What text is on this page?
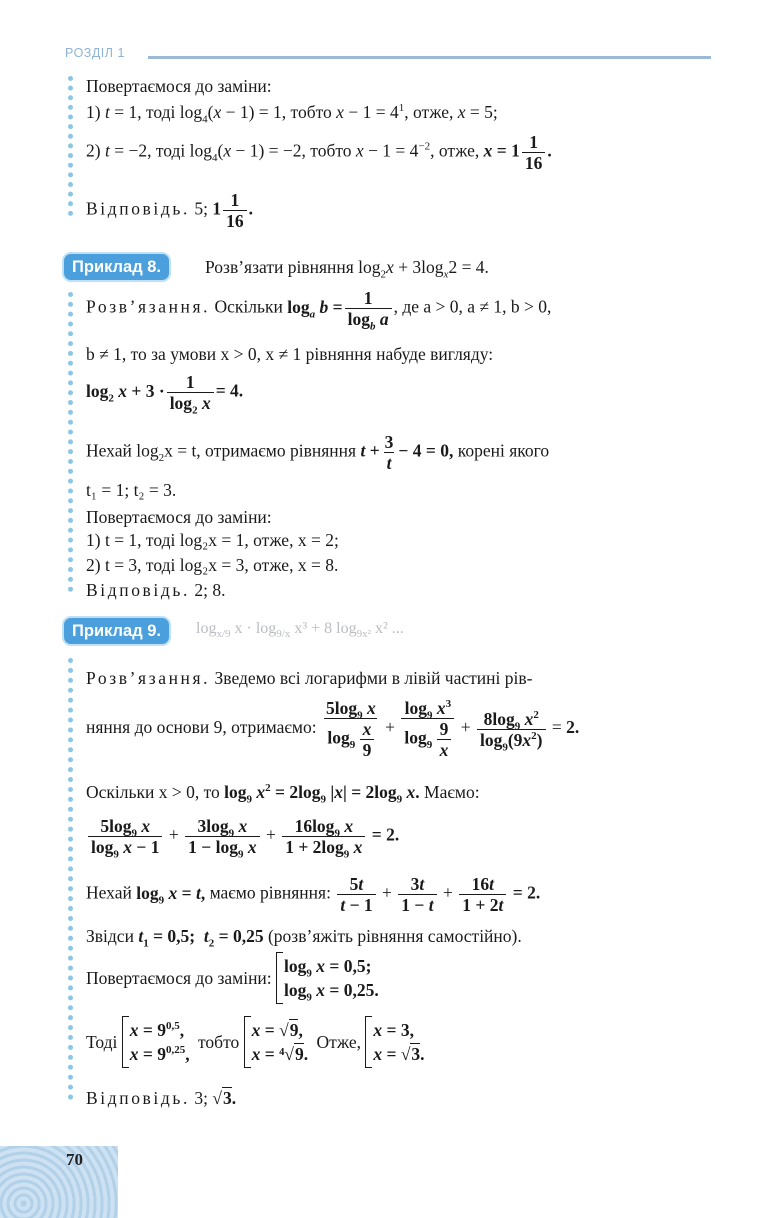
РОЗДІЛ 1
Повертаємося до заміни:
1) t = 1, тоді $\log_4(x - 1) = 1$, тобто $x - 1 = 4^1$, отже, x = 5;
2) t = −2, тоді $\log_4(x - 1) = -2$, тобто $x - 1 = 4^{-2}$, отже, $x = 1 \frac{1}{16}$ .
Відповідь. 5; $1 \frac{1}{16}$ .
Приклад 8.	Розв’язати рівняння $\log_2x + 3\log_x2 = 4$.
Розв’язання. Оскільки $\log_a b = \frac{1}{\log_b a}$ , де a > 0, a ≠ 1, b > 0,
b ≠ 1, то за умови x > 0, x ≠ 1 рівняння набуде вигляду:
$\log_2 x + 3 \cdot \frac{1}{\log_2 x} = 4$.
Нехай $\log_2x = t$, отримаємо рівняння $t + \frac{3}{t} - 4 = 0$, корені якого
t₁ = 1; t₂ = 3.
Повертаємося до заміни:
1) t = 1, тоді log₂x = 1, отже, x = 2;
2) t = 3, тоді log₂x = 3, отже, x = 8.
Відповідь. 2; 8.
Приклад 9.	$\log_{x/9} x \cdot \log_{9/x} x^3 + 8$ $\log_{9x^2} x^2$ ...
Розв’язання. Зведемо всі логарифми в лівій частині рів-
няння до основи 9, отримаємо: $\frac{5\log_9 x}{\log_9 \frac{x}{9}} + \frac{\log_9 x^3}{\log_9 \frac{9}{x}} + \frac{8\log_9 x^2}{\log_9(9x^2)} = 2$.
Оскільки x > 0, то $\log_9 x^2 = 2\log_9$ $|x| = 2\log_9$ x. Маємо:
$\frac{5\log_9 x}{\log_9 x - 1} + \frac{3\log_9 x}{1 - \log_9 x} + \frac{16\log_9 x}{1 + 2\log_9 x} = 2$.
Нехай $\log_9 x = t$, маємо рівняння: $\frac{5t}{t - 1} + \frac{3t}{1 - t} + \frac{16t}{1 + 2t} = 2$.
Звідси $t_1 = 0,5$;  $t_2 = 0,25$ (розв’яжіть рівняння самостійно).
Повертаємося до заміни:
$\log_9 x = 0,5$;
$\log_9 x = 0,25$.
Тоді
$x = 9^{0,5}$,
$x = 9^{0,25}$,
тобто
x = √9,
x = ⁴√9.
Отже,
x = 3,
x = √3.
Відповідь. 3; √3.
70
